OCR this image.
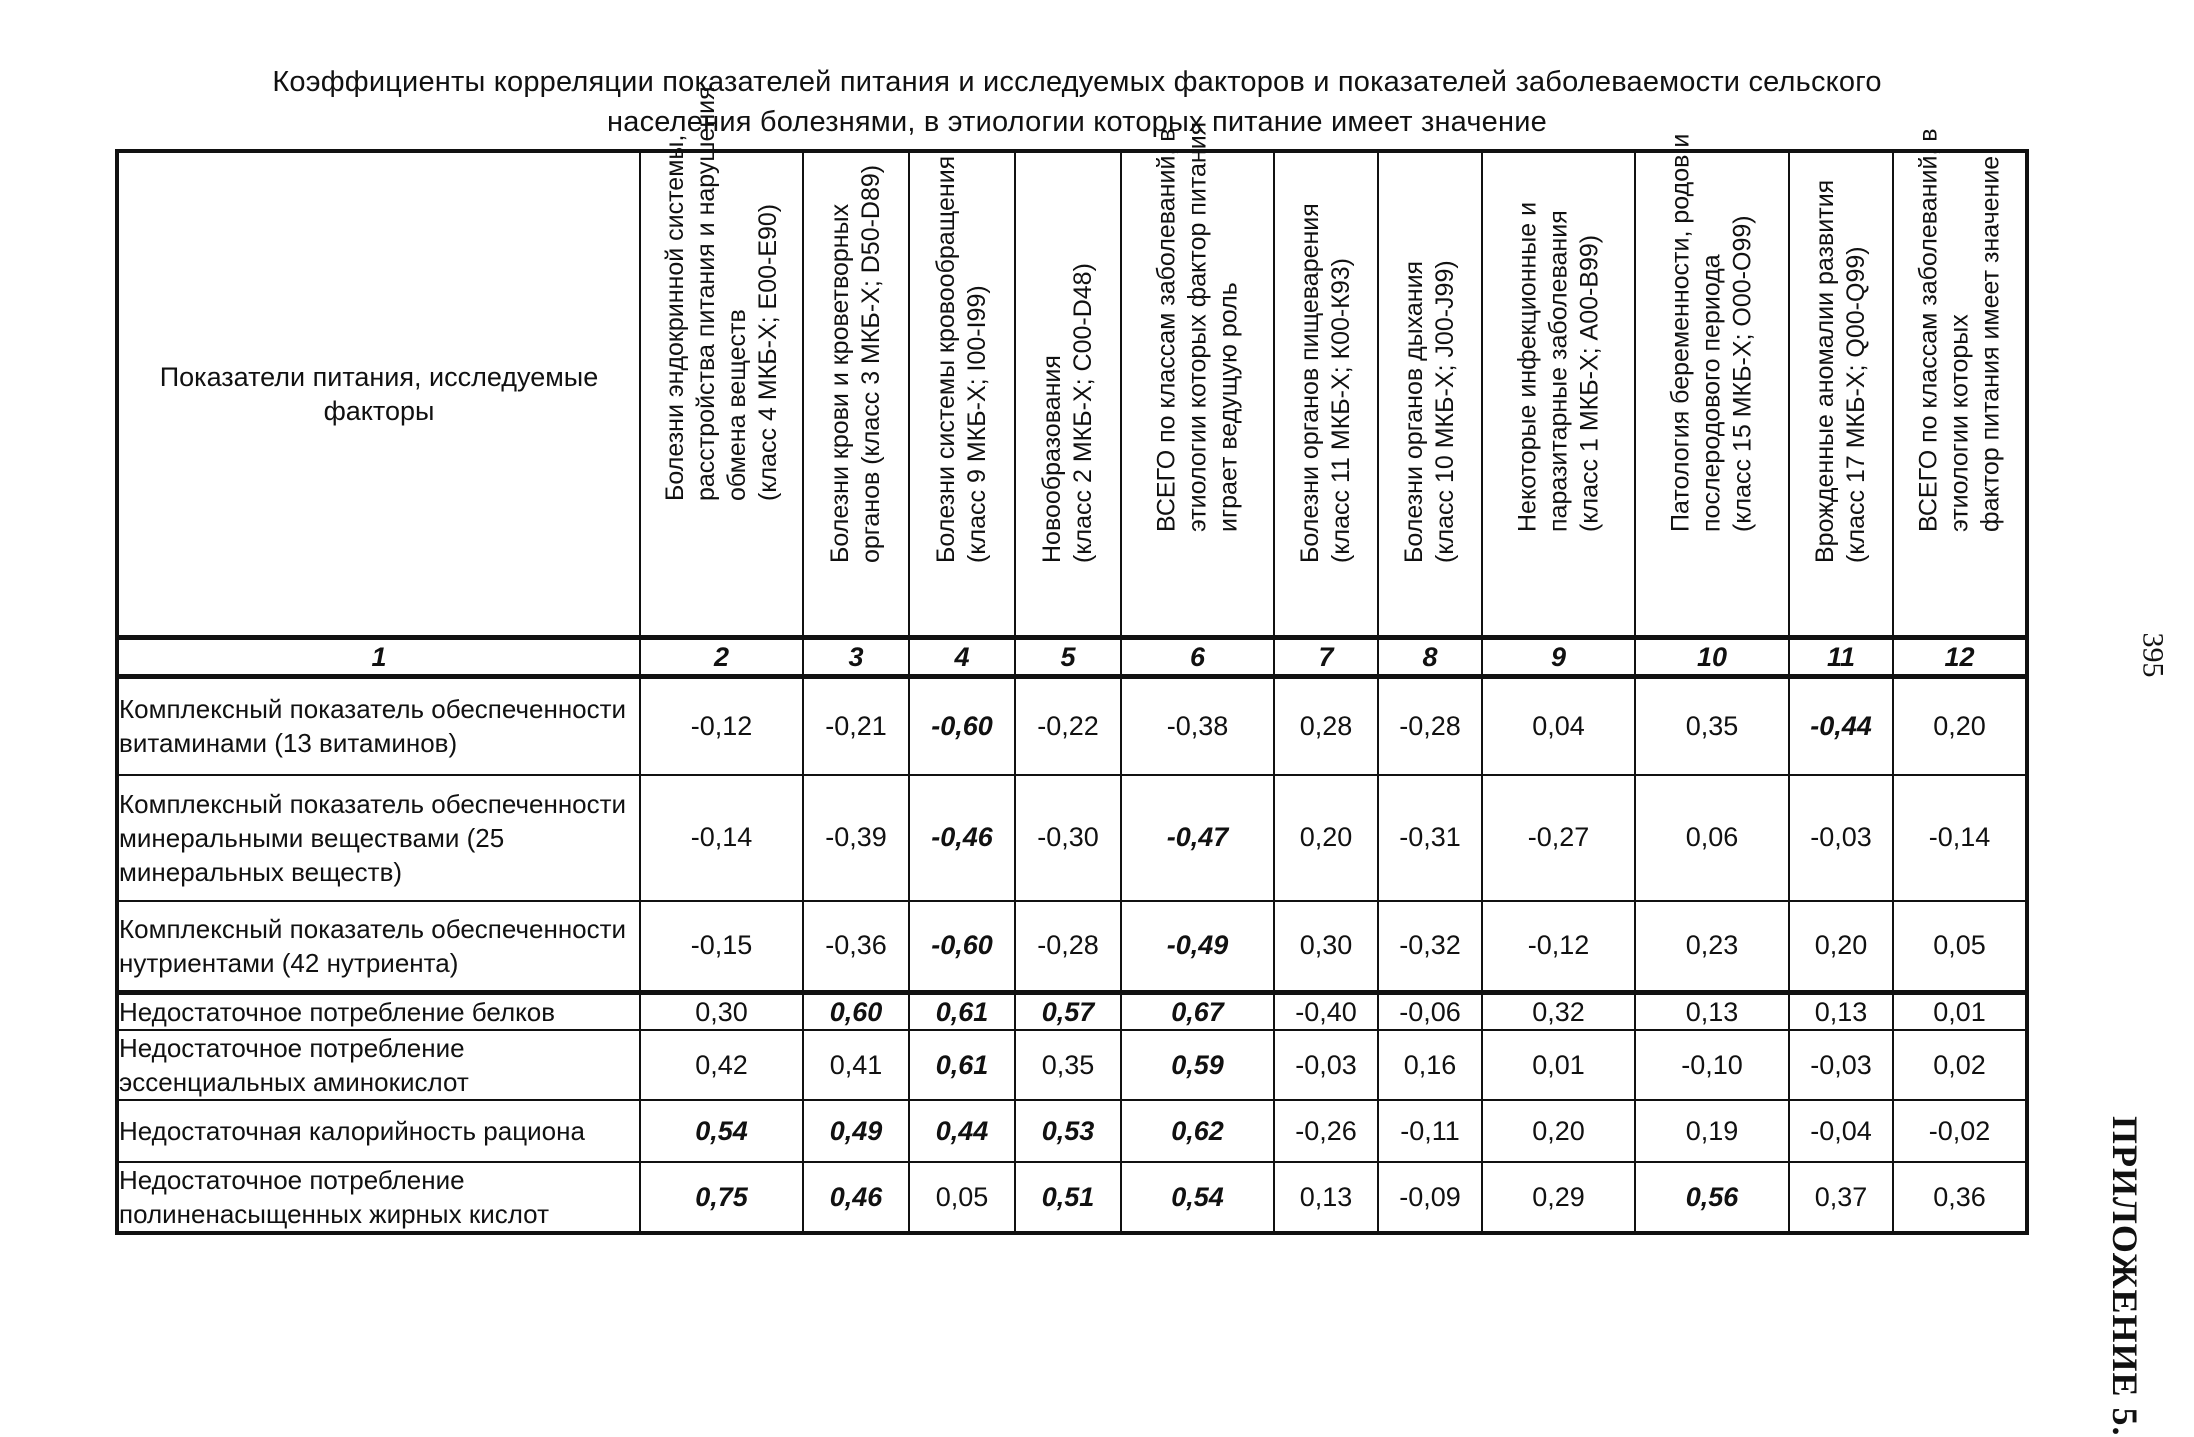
Коэффициенты корреляции показателей питания и исследуемых факторов и показателей заболеваемости сельского
населения болезнями, в этиологии которых питание имеет значение
Показатели питания, исследуемые факторы	Болезни эндокринной системы, расстройства питания и нарушения обмена веществ (класс 4 МКБ-Х; Е00-Е90)	Болезни крови и кроветворных органов (класс 3 МКБ-Х; D50-D89)	Болезни системы кровообращения (класс 9 МКБ-Х; I00-I99)	Новообразования (класс 2 МКБ-Х; С00-D48)	ВСЕГО по классам заболеваний, в этиологии которых фактор питания играет ведущую роль	Болезни органов пищеварения (класс 11 МКБ-Х; К00-К93)	Болезни органов дыхания (класс 10 МКБ-Х; J00-J99)	Некоторые инфекционные и паразитарные заболевания (класс 1 МКБ-Х; А00-В99)	Патология беременности, родов и послеродового периода (класс 15 МКБ-Х; О00-О99)	Врожденные аномалии развития (класс 17 МКБ-Х; Q00-Q99)	ВСЕГО по классам заболеваний, в этиологии которых фактор питания имеет значение

1	2	3	4	5	6	7	8	9	10	11	12
Комплексный показатель обеспеченности витаминами (13 витаминов)	-0,12	-0,21	-0,60	-0,22	-0,38	0,28	-0,28	0,04	0,35	-0,44	0,20
Комплексный показатель обеспеченности минеральными веществами (25 минеральных веществ)	-0,14	-0,39	-0,46	-0,30	-0,47	0,20	-0,31	-0,27	0,06	-0,03	-0,14
Комплексный показатель обеспеченности нутриентами (42 нутриента)	-0,15	-0,36	-0,60	-0,28	-0,49	0,30	-0,32	-0,12	0,23	0,20	0,05
Недостаточное потребление белков	0,30	0,60	0,61	0,57	0,67	-0,40	-0,06	0,32	0,13	0,13	0,01
Недостаточное потребление эссенциальных аминокислот	0,42	0,41	0,61	0,35	0,59	-0,03	0,16	0,01	-0,10	-0,03	0,02
Недостаточная калорийность рациона	0,54	0,49	0,44	0,53	0,62	-0,26	-0,11	0,20	0,19	-0,04	-0,02
Недостаточное потребление полиненасыщенных жирных кислот	0,75	0,46	0,05	0,51	0,54	0,13	-0,09	0,29	0,56	0,37	0,36
395
ПРИЛОЖЕНИЕ 5.
